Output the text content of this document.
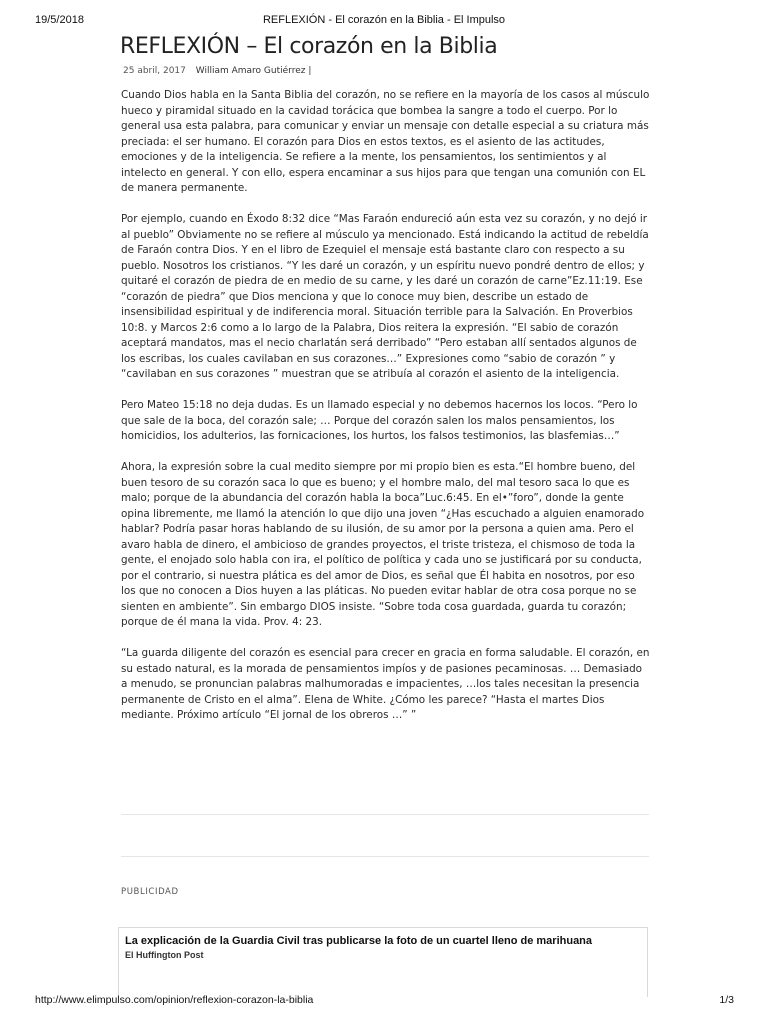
19/5/2018	REFLEXIÓN - El corazón en la Biblia - El Impulso
REFLEXIÓN – El corazón en la Biblia
25 abril, 2017 William Amaro Gutiérrez |

Cuando Dios habla en la Santa Biblia del corazón, no se refiere en la mayoría de los casos al músculo hueco y piramidal situado en la cavidad torácica que bombea la sangre a todo el cuerpo. Por lo general usa esta palabra, para comunicar y enviar un mensaje con detalle especial a su criatura más preciada: el ser humano. El corazón para Dios en estos textos, es el asiento de las actitudes, emociones y de la inteligencia. Se refiere a la mente, los pensamientos, los sentimientos y al intelecto en general. Y con ello, espera encaminar a sus hijos para que tengan una comunión con EL de manera permanente.

Por ejemplo, cuando en Éxodo 8:32 dice “Mas Faraón endureció aún esta vez su corazón, y no dejó ir al pueblo” Obviamente no se refiere al músculo ya mencionado. Está indicando la actitud de rebeldía de Faraón contra Dios. Y en el libro de Ezequiel el mensaje está bastante claro con respecto a su pueblo. Nosotros los cristianos. “Y les daré un corazón, y un espíritu nuevo pondré dentro de ellos; y quitaré el corazón de piedra de en medio de su carne, y les daré un corazón de carne”Ez.11:19. Ese “corazón de piedra” que Dios menciona y que lo conoce muy bien, describe un estado de insensibilidad espiritual y de indiferencia moral. Situación terrible para la Salvación. En Proverbios 10:8. y Marcos 2:6 como a lo largo de la Palabra, Dios reitera la expresión. “El sabio de corazón aceptará mandatos, mas el necio charlatán será derribado” “Pero estaban allí sentados algunos de los escribas, los cuales cavilaban en sus corazones…” Expresiones como “sabio de corazón ” y “cavilaban en sus corazones ” muestran que se atribuía al corazón el asiento de la inteligencia.

Pero Mateo 15:18 no deja dudas. Es un llamado especial y no debemos hacernos los locos. “Pero lo que sale de la boca, del corazón sale; … Porque del corazón salen los malos pensamientos, los homicidios, los adulterios, las fornicaciones, los hurtos, los falsos testimonios, las blasfemias…”

Ahora, la expresión sobre la cual medito siempre por mi propio bien es esta.“El hombre bueno, del buen tesoro de su corazón saca lo que es bueno; y el hombre malo, del mal tesoro saca lo que es malo; porque de la abundancia del corazón habla la boca”Luc.6:45. En el•”foro”, donde la gente opina libremente, me llamó la atención lo que dijo una joven “¿Has escuchado a alguien enamorado hablar? Podría pasar horas hablando de su ilusión, de su amor por la persona a quien ama. Pero el avaro habla de dinero, el ambicioso de grandes proyectos, el triste tristeza, el chismoso de toda la gente, el enojado solo habla con ira, el político de política y cada uno se justificará por su conducta, por el contrario, si nuestra plática es del amor de Dios, es señal que Él habita en nosotros, por eso los que no conocen a Dios huyen a las pláticas. No pueden evitar hablar de otra cosa porque no se sienten en ambiente”. Sin embargo DIOS insiste. “Sobre toda cosa guardada, guarda tu corazón; porque de él mana la vida. Prov. 4: 23.

“La guarda diligente del corazón es esencial para crecer en gracia en forma saludable. El corazón, en su estado natural, es la morada de pensamientos impíos y de pasiones pecaminosas. … Demasiado a menudo, se pronuncian palabras malhumoradas e impacientes, …los tales necesitan la presencia permanente de Cristo en el alma”. Elena de White. ¿Cómo les parece? “Hasta el martes Dios mediante. Próximo artículo “El jornal de los obreros …” ”

PUBLICIDAD
La explicación de la Guardia Civil tras publicarse la foto de un cuartel lleno de marihuana
El Huffington Post
http://www.elimpulso.com/opinion/reflexion-corazon-la-biblia	1/3
